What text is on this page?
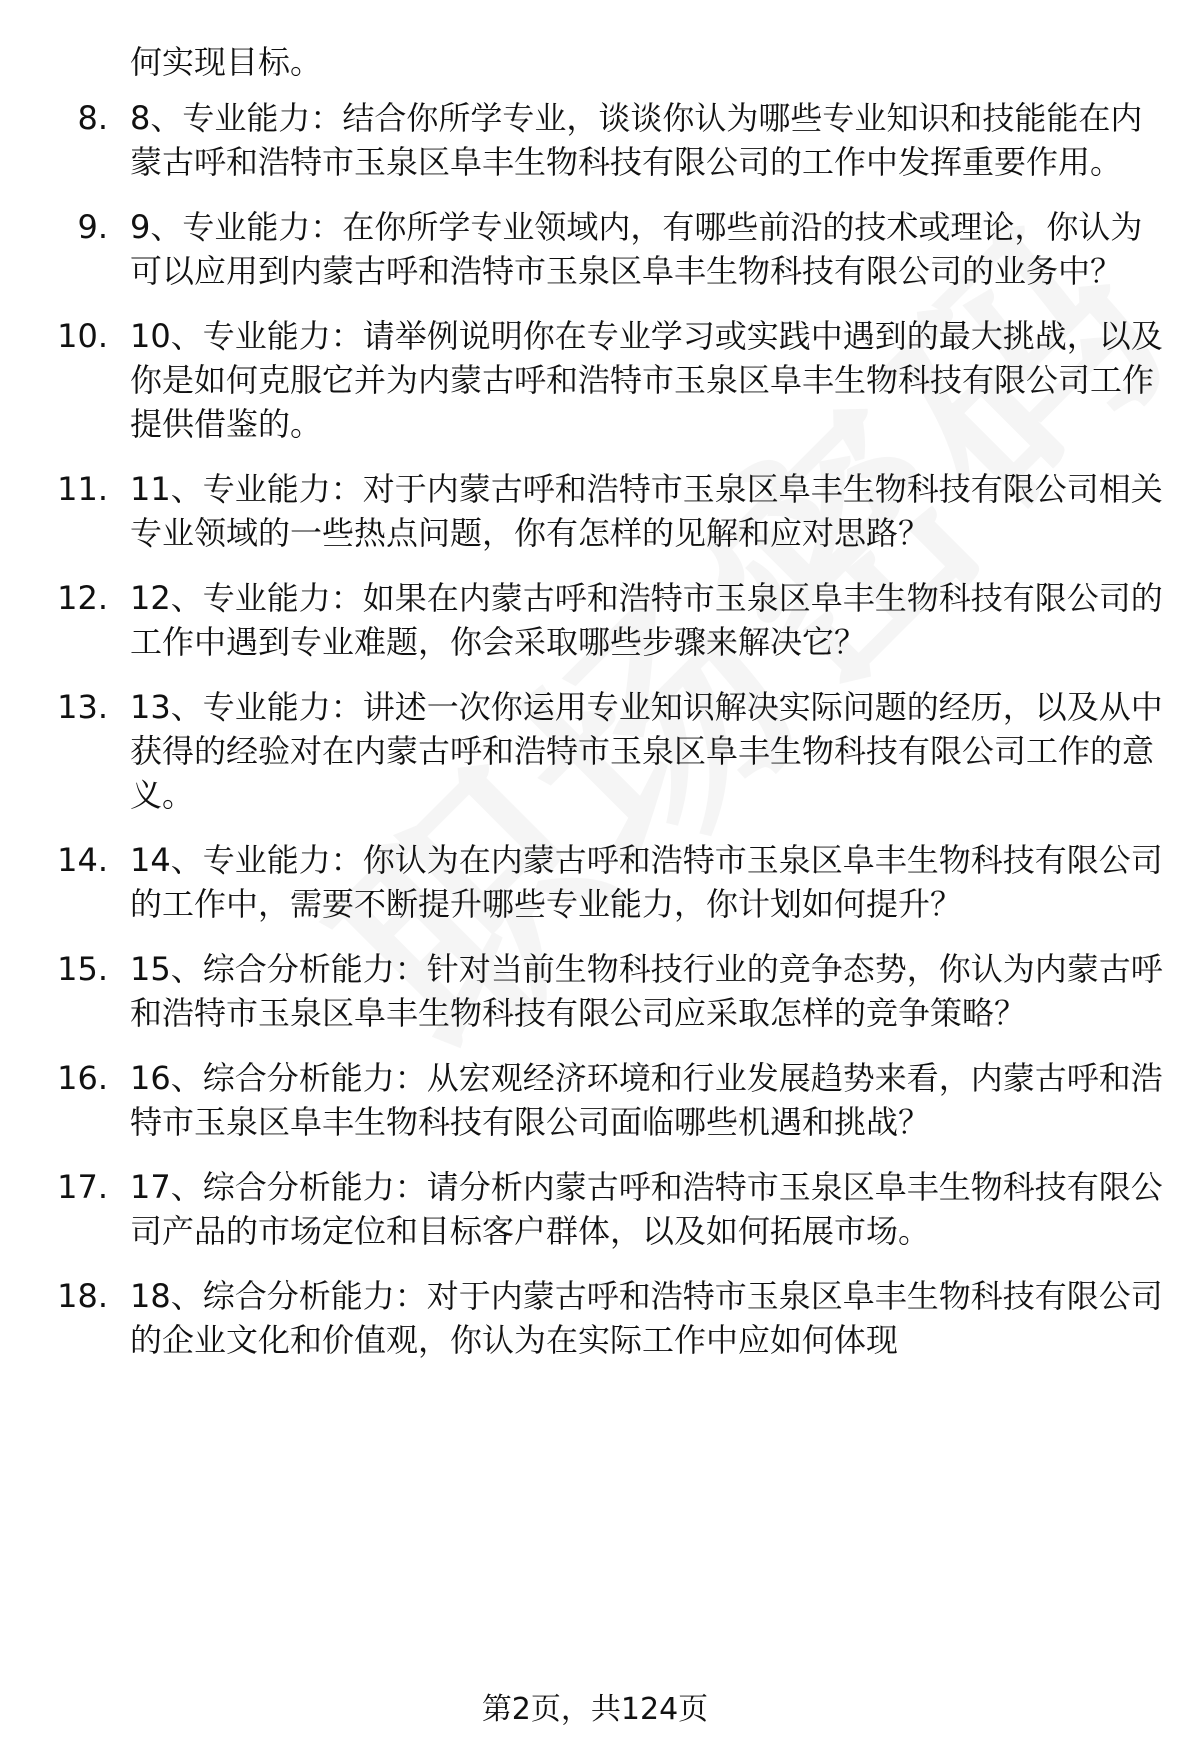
何实现目标。
8. 8、专业能力：结合你所学专业，谈谈你认为哪些专业知识和技能能在内蒙古呼和浩特市玉泉区阜丰生物科技有限公司的工作中发挥重要作用。
9. 9、专业能力：在你所学专业领域内，有哪些前沿的技术或理论，你认为可以应用到内蒙古呼和浩特市玉泉区阜丰生物科技有限公司的业务中？
10. 10、专业能力：请举例说明你在专业学习或实践中遇到的最大挑战，以及你是如何克服它并为内蒙古呼和浩特市玉泉区阜丰生物科技有限公司工作提供借鉴的。
11. 11、专业能力：对于内蒙古呼和浩特市玉泉区阜丰生物科技有限公司相关专业领域的一些热点问题，你有怎样的见解和应对思路？
12. 12、专业能力：如果在内蒙古呼和浩特市玉泉区阜丰生物科技有限公司的工作中遇到专业难题，你会采取哪些步骤来解决它？
13. 13、专业能力：讲述一次你运用专业知识解决实际问题的经历，以及从中获得的经验对在内蒙古呼和浩特市玉泉区阜丰生物科技有限公司工作的意义。
14. 14、专业能力：你认为在内蒙古呼和浩特市玉泉区阜丰生物科技有限公司的工作中，需要不断提升哪些专业能力，你计划如何提升？
15. 15、综合分析能力：针对当前生物科技行业的竞争态势，你认为内蒙古呼和浩特市玉泉区阜丰生物科技有限公司应采取怎样的竞争策略？
16. 16、综合分析能力：从宏观经济环境和行业发展趋势来看，内蒙古呼和浩特市玉泉区阜丰生物科技有限公司面临哪些机遇和挑战？
17. 17、综合分析能力：请分析内蒙古呼和浩特市玉泉区阜丰生物科技有限公司产品的市场定位和目标客户群体，以及如何拓展市场。
18. 18、综合分析能力：对于内蒙古呼和浩特市玉泉区阜丰生物科技有限公司的企业文化和价值观，你认为在实际工作中应如何体现
第2页，共124页
